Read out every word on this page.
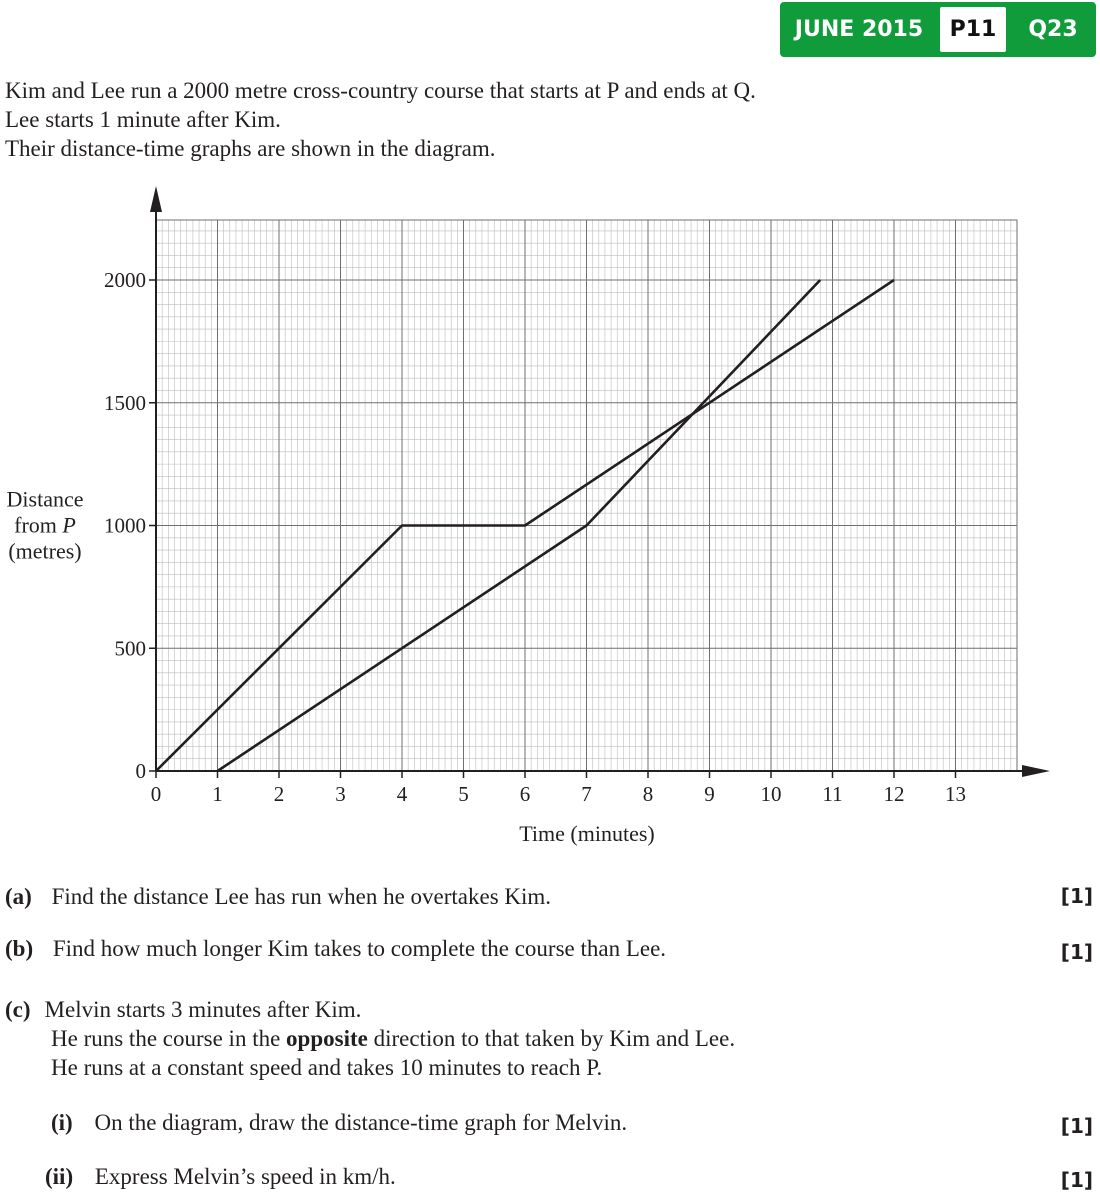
JUNE 2015	P11	Q23
Kim and Lee run a 2000 metre cross-country course that starts at P and ends at Q.
Lee starts 1 minute after Kim.
Their distance-time graphs are shown in the diagram.
0 1 2 3 4 5 6 7 8 9 10 11 12 13
0
500
1000
1500
2000
Time (minutes)
Distance
from P
(metres)
(a) Find the distance Lee has run when he overtakes Kim.	[1]
(b) Find how much longer Kim takes to complete the course than Lee.	[1]
(c) Melvin starts 3 minutes after Kim.
He runs the course in the opposite direction to that taken by Kim and Lee.
He runs at a constant speed and takes 10 minutes to reach P.
(i) On the diagram, draw the distance-time graph for Melvin.	[1]
(ii) Express Melvin’s speed in km/h.	[1]
